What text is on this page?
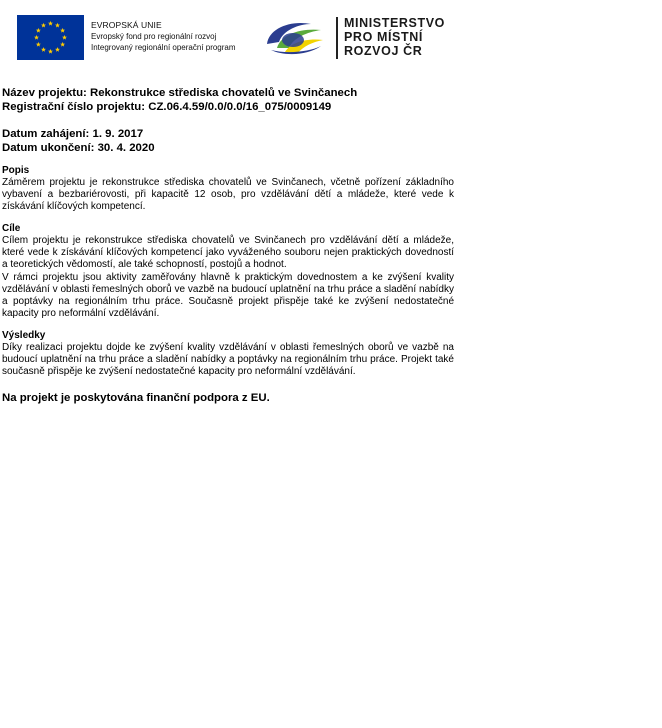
EVROPSKÁ UNIE
Evropský fond pro regionální rozvoj
Integrovaný regionální operační program
MINISTERSTVO
PRO MÍSTNÍ
ROZVOJ ČR

Název projektu: Rekonstrukce střediska chovatelů ve Svinčanech

Registrační číslo projektu: CZ.06.4.59/0.0/0.0/16_075/0009149

Datum zahájení: 1. 9. 2017

Datum ukončení: 30. 4. 2020

Popis

Záměrem projektu je rekonstrukce střediska chovatelů ve Svinčanech, včetně pořízení základního vybavení a bezbariérovosti, při kapacitě 12 osob, pro vzdělávání dětí a mládeže, které vede k získávání klíčových kompetencí.

Cíle

Cílem projektu je rekonstrukce střediska chovatelů ve Svinčanech pro vzdělávání dětí a mládeže, které vede k získávání klíčových kompetencí jako vyváženého souboru nejen praktických dovedností a teoretických vědomostí, ale také schopností, postojů a hodnot.

V rámci projektu jsou aktivity zaměřovány hlavně k praktickým dovednostem a ke zvýšení kvality vzdělávání v oblasti řemeslných oborů ve vazbě na budoucí uplatnění na trhu práce a sladění nabídky a poptávky na regionálním trhu práce. Současně projekt přispěje také ke zvýšení nedostatečné kapacity pro neformální vzdělávání.

Výsledky

Díky realizaci projektu dojde ke zvýšení kvality vzdělávání v oblasti řemeslných oborů ve vazbě na budoucí uplatnění na trhu práce a sladění nabídky a poptávky na regionálním trhu práce. Projekt také současně přispěje ke zvýšení nedostatečné kapacity pro neformální vzdělávání.

Na projekt je poskytována finanční podpora z EU.
